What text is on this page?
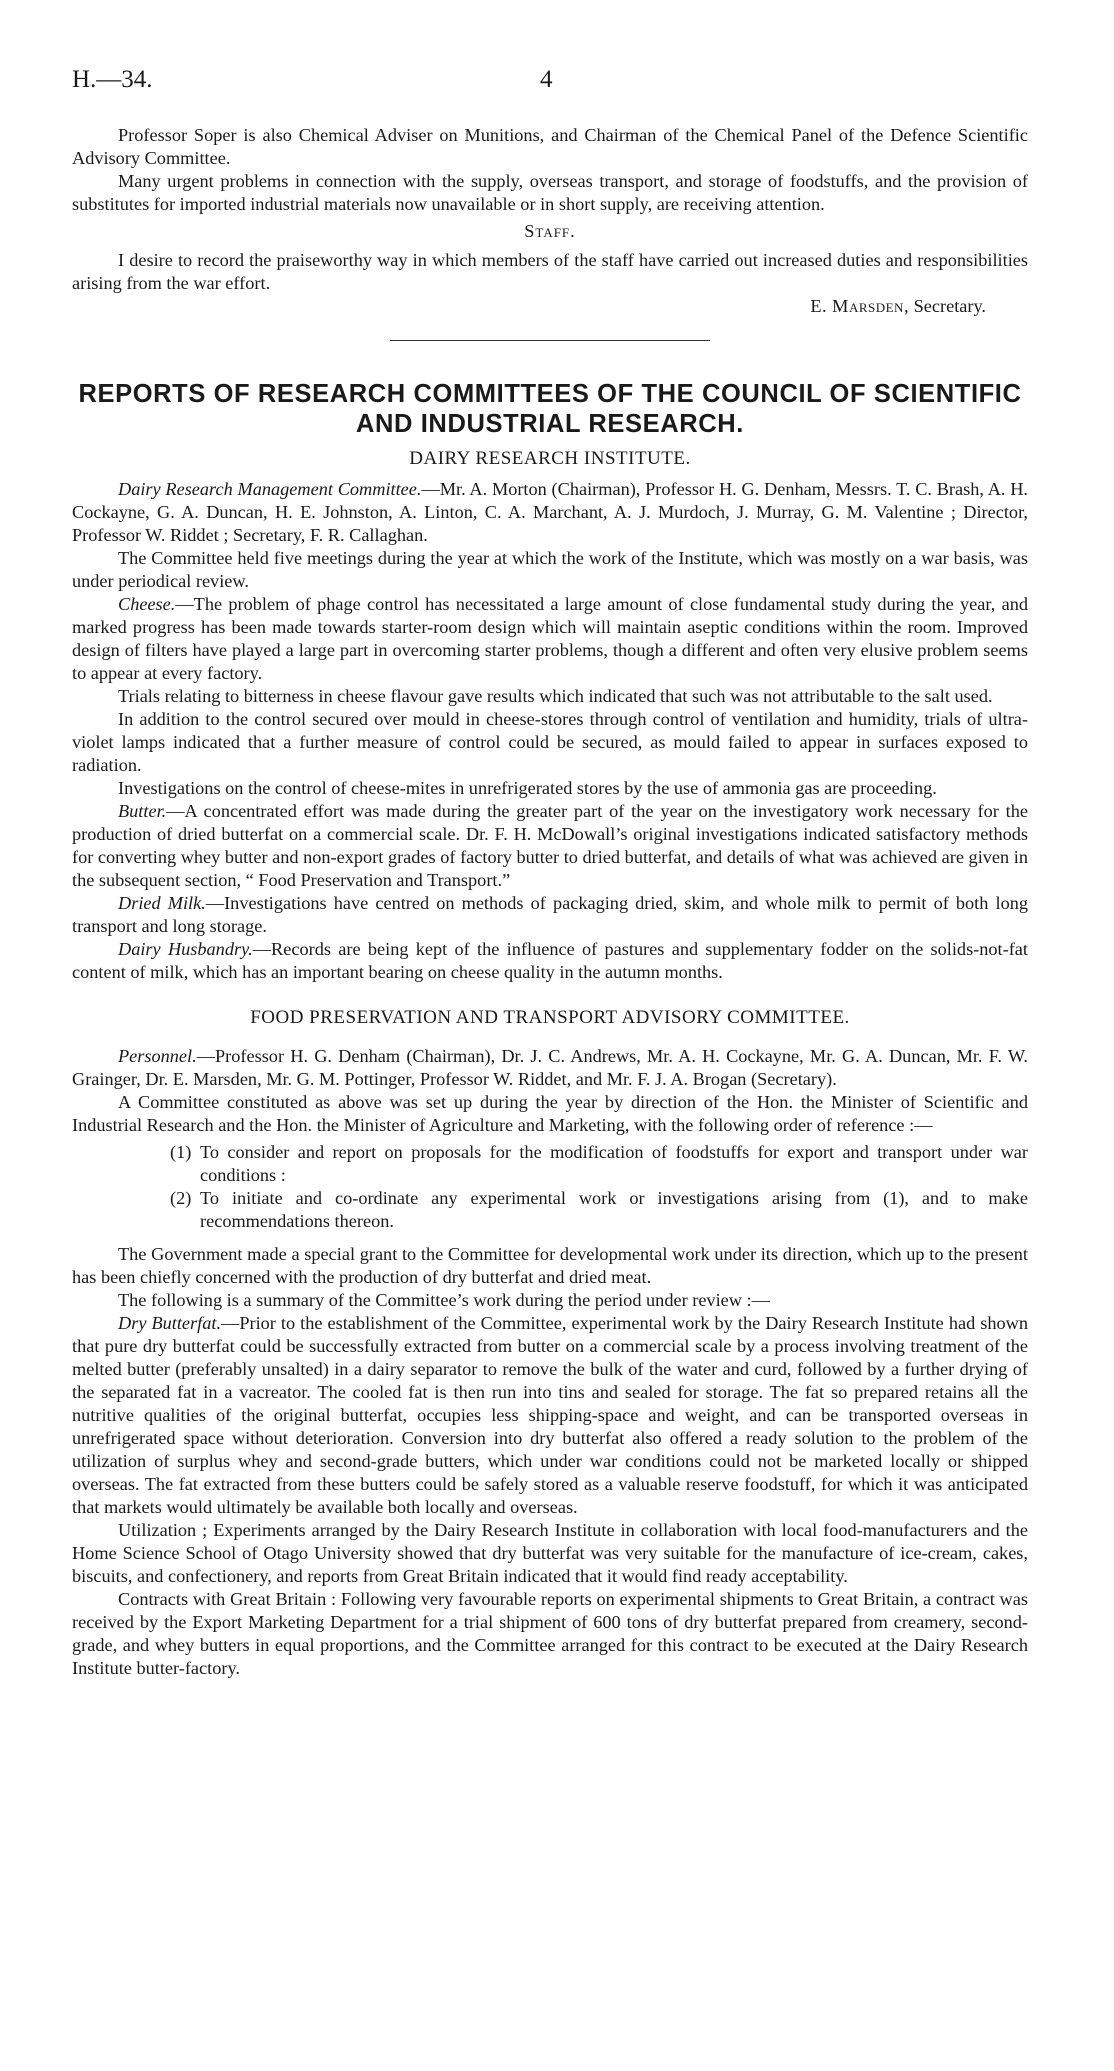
H.—34.	4

Professor Soper is also Chemical Adviser on Munitions, and Chairman of the Chemical Panel of the Defence Scientific Advisory Committee.

Many urgent problems in connection with the supply, overseas transport, and storage of foodstuffs, and the provision of substitutes for imported industrial materials now unavailable or in short supply, are receiving attention.

Staff.

I desire to record the praiseworthy way in which members of the staff have carried out increased duties and responsibilities arising from the war effort.

E. Marsden, Secretary.
REPORTS OF RESEARCH COMMITTEES OF THE COUNCIL OF SCIENTIFIC
AND INDUSTRIAL RESEARCH.
DAIRY RESEARCH INSTITUTE.

Dairy Research Management Committee.—Mr. A. Morton (Chairman), Professor H. G. Denham, Messrs. T. C. Brash, A. H. Cockayne, G. A. Duncan, H. E. Johnston, A. Linton, C. A. Marchant, A. J. Murdoch, J. Murray, G. M. Valentine ; Director, Professor W. Riddet ; Secretary, F. R. Callaghan.

The Committee held five meetings during the year at which the work of the Institute, which was mostly on a war basis, was under periodical review.

Cheese.—The problem of phage control has necessitated a large amount of close fundamental study during the year, and marked progress has been made towards starter-room design which will maintain aseptic conditions within the room. Improved design of filters have played a large part in overcoming starter problems, though a different and often very elusive problem seems to appear at every factory.

Trials relating to bitterness in cheese flavour gave results which indicated that such was not attributable to the salt used.

In addition to the control secured over mould in cheese-stores through control of ventilation and humidity, trials of ultra-violet lamps indicated that a further measure of control could be secured, as mould failed to appear in surfaces exposed to radiation.

Investigations on the control of cheese-mites in unrefrigerated stores by the use of ammonia gas are proceeding.

Butter.—A concentrated effort was made during the greater part of the year on the investigatory work necessary for the production of dried butterfat on a commercial scale. Dr. F. H. McDowall’s original investigations indicated satisfactory methods for converting whey butter and non-export grades of factory butter to dried butterfat, and details of what was achieved are given in the subsequent section, “ Food Preservation and Transport.”

Dried Milk.—Investigations have centred on methods of packaging dried, skim, and whole milk to permit of both long transport and long storage.

Dairy Husbandry.—Records are being kept of the influence of pastures and supplementary fodder on the solids-not-fat content of milk, which has an important bearing on cheese quality in the autumn months.

FOOD PRESERVATION AND TRANSPORT ADVISORY COMMITTEE.

Personnel.—Professor H. G. Denham (Chairman), Dr. J. C. Andrews, Mr. A. H. Cockayne, Mr. G. A. Duncan, Mr. F. W. Grainger, Dr. E. Marsden, Mr. G. M. Pottinger, Professor W. Riddet, and Mr. F. J. A. Brogan (Secretary).

A Committee constituted as above was set up during the year by direction of the Hon. the Minister of Scientific and Industrial Research and the Hon. the Minister of Agriculture and Marketing, with the following order of reference :—

(1) To consider and report on proposals for the modification of foodstuffs for export and transport under war conditions :
(2) To initiate and co-ordinate any experimental work or investigations arising from (1), and to make recommendations thereon.

The Government made a special grant to the Committee for developmental work under its direction, which up to the present has been chiefly concerned with the production of dry butterfat and dried meat.

The following is a summary of the Committee’s work during the period under review :—

Dry Butterfat.—Prior to the establishment of the Committee, experimental work by the Dairy Research Institute had shown that pure dry butterfat could be successfully extracted from butter on a commercial scale by a process involving treatment of the melted butter (preferably unsalted) in a dairy separator to remove the bulk of the water and curd, followed by a further drying of the separated fat in a vacreator. The cooled fat is then run into tins and sealed for storage. The fat so prepared retains all the nutritive qualities of the original butterfat, occupies less shipping-space and weight, and can be transported overseas in unrefrigerated space without deterioration. Conversion into dry butterfat also offered a ready solution to the problem of the utilization of surplus whey and second-grade butters, which under war conditions could not be marketed locally or shipped overseas. The fat extracted from these butters could be safely stored as a valuable reserve foodstuff, for which it was anticipated that markets would ultimately be available both locally and overseas.

Utilization ; Experiments arranged by the Dairy Research Institute in collaboration with local food-manufacturers and the Home Science School of Otago University showed that dry butterfat was very suitable for the manufacture of ice-cream, cakes, biscuits, and confectionery, and reports from Great Britain indicated that it would find ready acceptability.

Contracts with Great Britain : Following very favourable reports on experimental shipments to Great Britain, a contract was received by the Export Marketing Department for a trial shipment of 600 tons of dry butterfat prepared from creamery, second-grade, and whey butters in equal proportions, and the Committee arranged for this contract to be executed at the Dairy Research Institute butter-factory.
